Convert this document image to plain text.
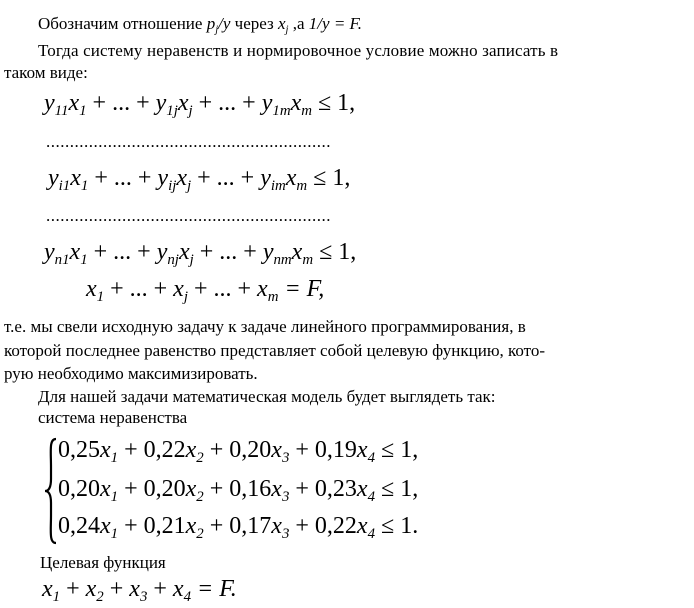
Обозначим отношение $p_j/y$ через $x_j$ ,а 1/y = F.
Тогда систему неравенств и нормировочное условие можно записать в
таком виде:
$y_{11}x_1$ + ... + $y_{1j}x_j$ + ... + $y_{1m}x_m \le 1$,
............................................................
$y_{i1}x_1$ + ... + $y_{ij}x_j$ + ... + $y_{im}x_m \le 1$,
............................................................
$y_{n1}x_1$ + ... + $y_{nj}x_j$ + ... + $y_{nm}x_m \le 1$,
$x_1$ + ... + $x_j$ + ... + $x_m = F$,
т.е. мы свели исходную задачу к задаче линейного программирования, в
которой последнее равенство представляет собой целевую функцию, кото-
рую необходимо максимизировать.
Для нашей задачи математическая модель будет выглядеть так:
система неравенства
$0,25x_1 + 0,22x_2 + 0,20x_3 + 0,19x_4 \le 1$,
$0,20x_1 + 0,20x_2 + 0,16x_3 + 0,23x_4 \le 1$,
$0,24x_1 + 0,21x_2 + 0,17x_3 + 0,22x_4 \le 1$.
Целевая функция
$x_1 + x_2 + x_3 + x_4 = F$.
